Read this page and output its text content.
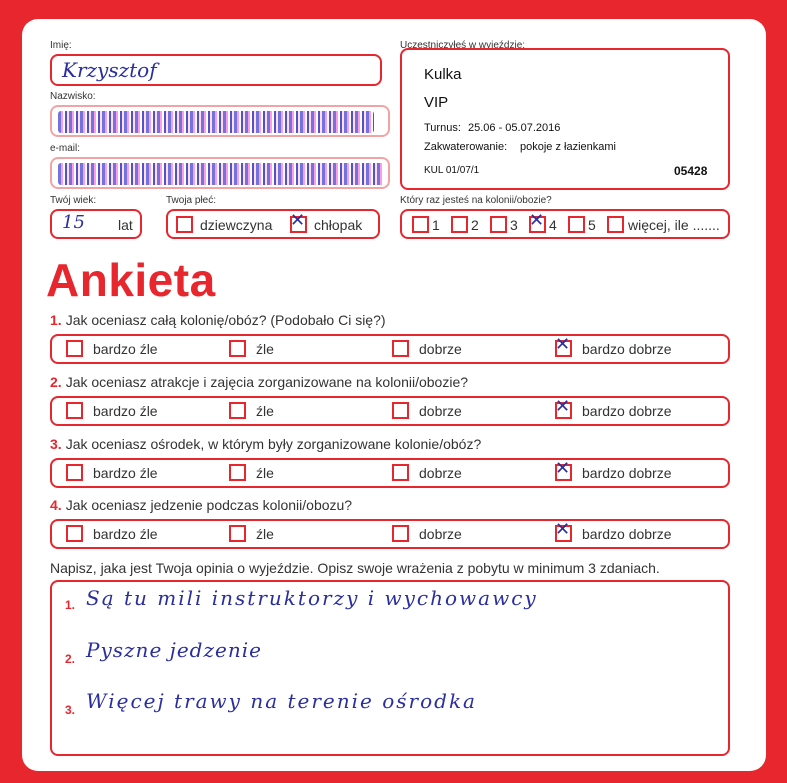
Imię:
Krzysztof
Nazwisko:
e-mail:
Twój wiek:
15 lat
Twoja płeć:
dziewczyna ✕ chłopak
Uczestniczyłeś w wyjeździe:
Kulka
VIP
Turnus: 25.06 - 05.07.2016
Zakwaterowanie: pokoje z łazienkami
KUL 01/07/1	05428
Który raz jesteś na kolonii/obozie?
1 2 3 ✕ 4 5 więcej, ile .......
Ankieta
1. Jak oceniasz całą kolonię/obóz? (Podobało Ci się?)
bardzo źle	źle	dobrze	✕ bardzo dobrze
2. Jak oceniasz atrakcje i zajęcia zorganizowane na kolonii/obozie?
bardzo źle	źle	dobrze	✕ bardzo dobrze
3. Jak oceniasz ośrodek, w którym były zorganizowane kolonie/obóz?
bardzo źle	źle	dobrze	✕ bardzo dobrze
4. Jak oceniasz jedzenie podczas kolonii/obozu?
bardzo źle	źle	dobrze	✕ bardzo dobrze
Napisz, jaka jest Twoja opinia o wyjeździe. Opisz swoje wrażenia z pobytu w minimum 3 zdaniach.
1. Są tu mili instruktorzy i wychowawcy
2. Pyszne jedzenie
3. Więcej trawy na terenie ośrodka
